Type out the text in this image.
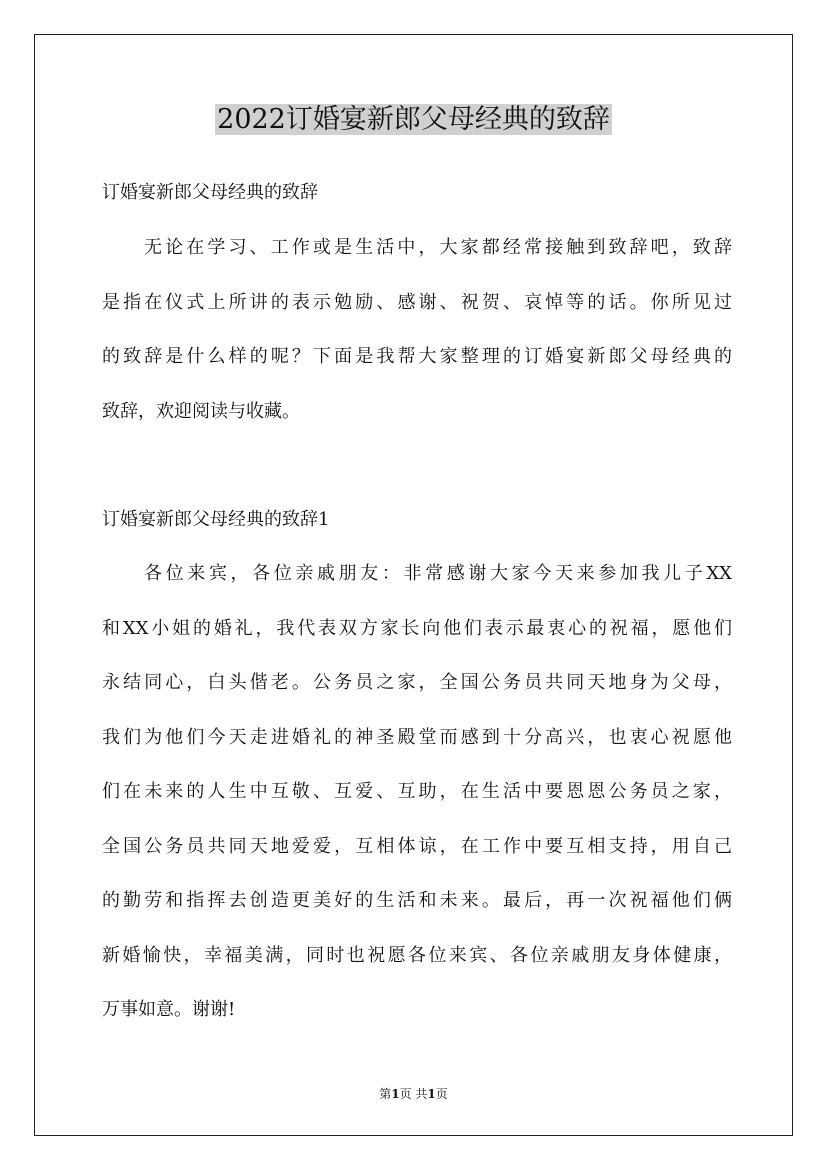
2022订婚宴新郎父母经典的致辞
订婚宴新郎父母经典的致辞

无论在学习、工作或是生活中，大家都经常接触到致辞吧，致辞
是指在仪式上所讲的表示勉励、感谢、祝贺、哀悼等的话。你所见过
的致辞是什么样的呢？下面是我帮大家整理的订婚宴新郎父母经典的
致辞，欢迎阅读与收藏。

订婚宴新郎父母经典的致辞1

各位来宾，各位亲戚朋友：非常感谢大家今天来参加我儿子XX
和XX小姐的婚礼，我代表双方家长向他们表示最衷心的祝福，愿他们
永结同心，白头偕老。公务员之家，全国公务员共同天地身为父母，
我们为他们今天走进婚礼的神圣殿堂而感到十分高兴，也衷心祝愿他
们在未来的人生中互敬、互爱、互助，在生活中要恩恩公务员之家，
全国公务员共同天地爱爱，互相体谅，在工作中要互相支持，用自己
的勤劳和指挥去创造更美好的生活和未来。最后，再一次祝福他们俩
新婚愉快，幸福美满，同时也祝愿各位来宾、各位亲戚朋友身体健康，
万事如意。谢谢!

第1页 共1页
